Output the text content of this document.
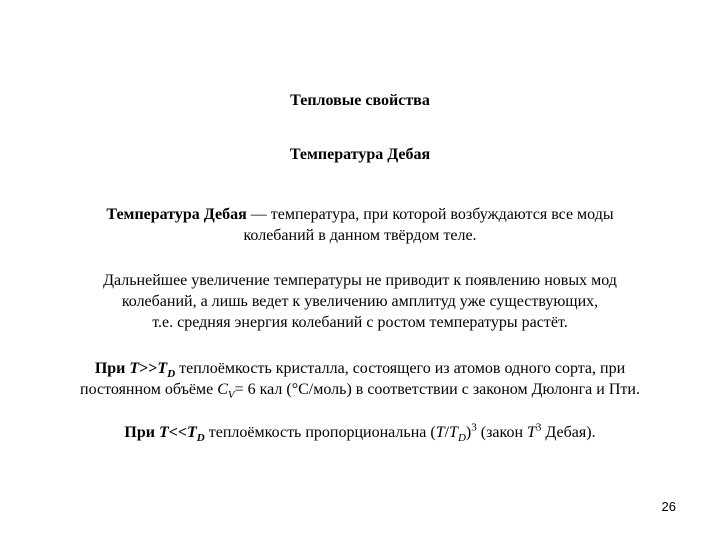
Тепловые свойства
Температура Дебая
Температура Дебая — температура, при которой возбуждаются все моды
колебаний в данном твёрдом теле.
Дальнейшее увеличение температуры не приводит к появлению новых мод
колебаний, а лишь ведет к увеличению амплитуд уже существующих,
т.е. средняя энергия колебаний с ростом температуры растёт.
При $T>>T_D$ теплоёмкость кристалла, состоящего из атомов одного сорта, при
постоянном объёме $C_V= 6$ кал (°С/моль) в соответствии с законом Дюлонга и Пти.
При $T<<T_D$ теплоёмкость пропорциональна $(T/T_D)^3$ (закон $T^3$ Дебая).
26
